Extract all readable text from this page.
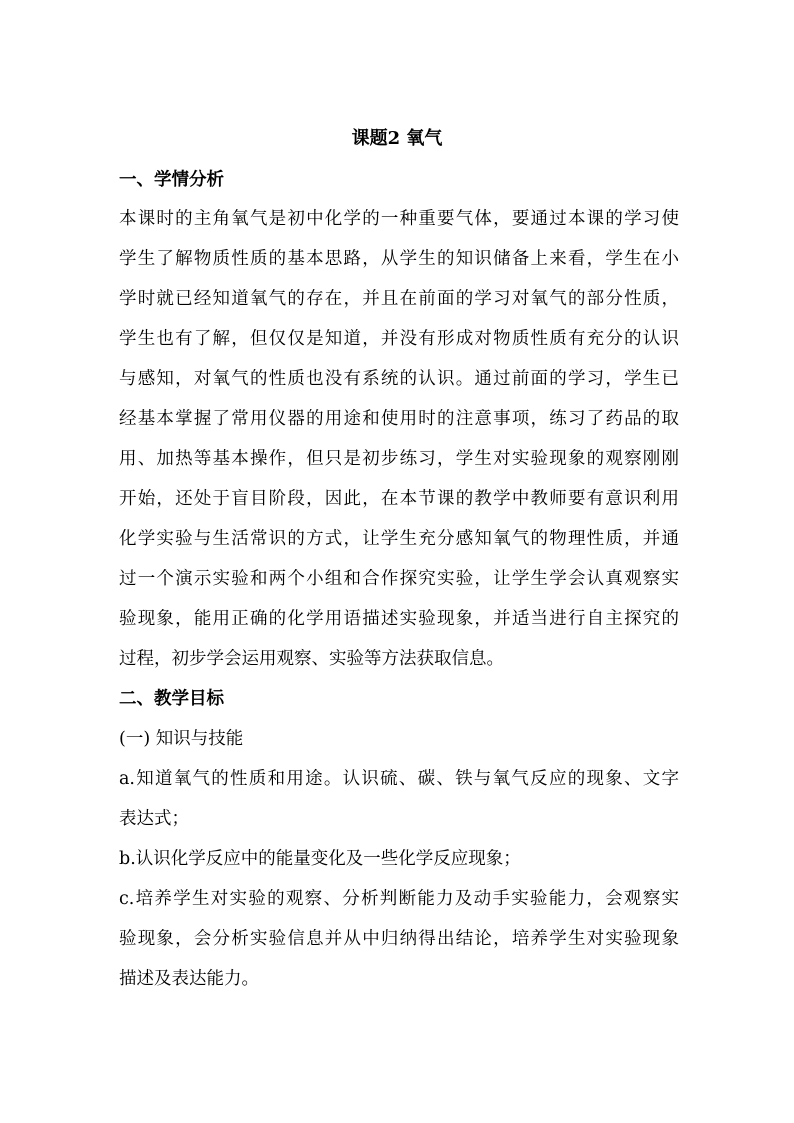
课题2 氧气
一、学情分析
本课时的主角氧气是初中化学的一种重要气体，要通过本课的学习使
学生了解物质性质的基本思路，从学生的知识储备上来看，学生在小
学时就已经知道氧气的存在，并且在前面的学习对氧气的部分性质，
学生也有了解，但仅仅是知道，并没有形成对物质性质有充分的认识
与感知，对氧气的性质也没有系统的认识。通过前面的学习，学生已
经基本掌握了常用仪器的用途和使用时的注意事项，练习了药品的取
用、加热等基本操作，但只是初步练习，学生对实验现象的观察刚刚
开始，还处于盲目阶段，因此，在本节课的教学中教师要有意识利用
化学实验与生活常识的方式，让学生充分感知氧气的物理性质，并通
过一个演示实验和两个小组和合作探究实验，让学生学会认真观察实
验现象，能用正确的化学用语描述实验现象，并适当进行自主探究的
过程，初步学会运用观察、实验等方法获取信息。
二、教学目标
(一) 知识与技能
a.知道氧气的性质和用途。认识硫、碳、铁与氧气反应的现象、文字
表达式；
b.认识化学反应中的能量变化及一些化学反应现象；
c.培养学生对实验的观察、分析判断能力及动手实验能力，会观察实
验现象，会分析实验信息并从中归纳得出结论，培养学生对实验现象
描述及表达能力。
